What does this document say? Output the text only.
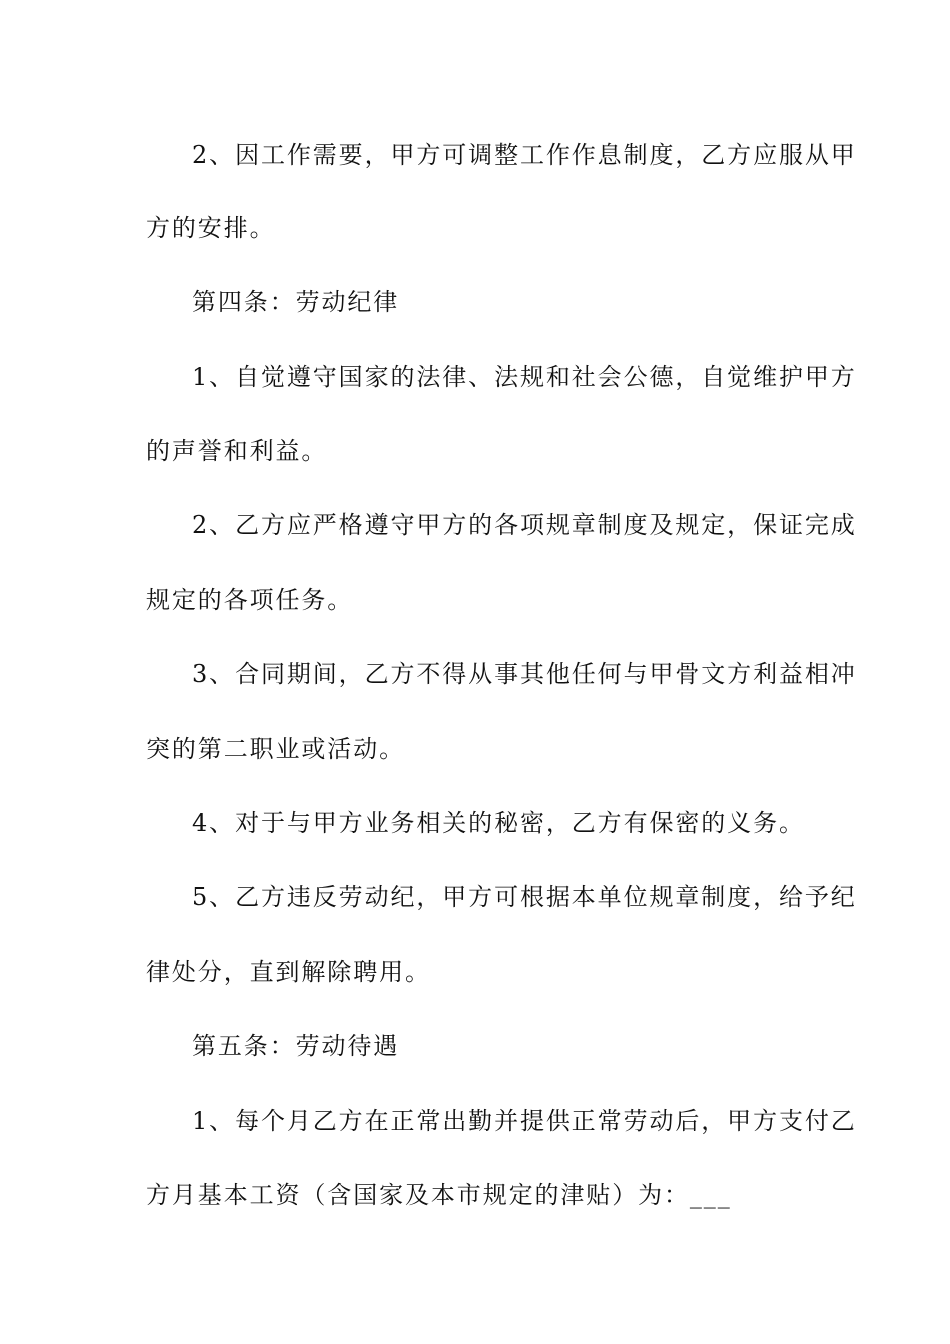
2、因工作需要，甲方可调整工作作息制度，乙方应服从甲
方的安排。
第四条：劳动纪律
1、自觉遵守国家的法律、法规和社会公德，自觉维护甲方
的声誉和利益。
2、乙方应严格遵守甲方的各项规章制度及规定，保证完成
规定的各项任务。
3、合同期间，乙方不得从事其他任何与甲骨文方利益相冲
突的第二职业或活动。
4、对于与甲方业务相关的秘密，乙方有保密的义务。
5、乙方违反劳动纪，甲方可根据本单位规章制度，给予纪
律处分，直到解除聘用。
第五条：劳动待遇
1、每个月乙方在正常出勤并提供正常劳动后，甲方支付乙
方月基本工资（含国家及本市规定的津贴）为：___
